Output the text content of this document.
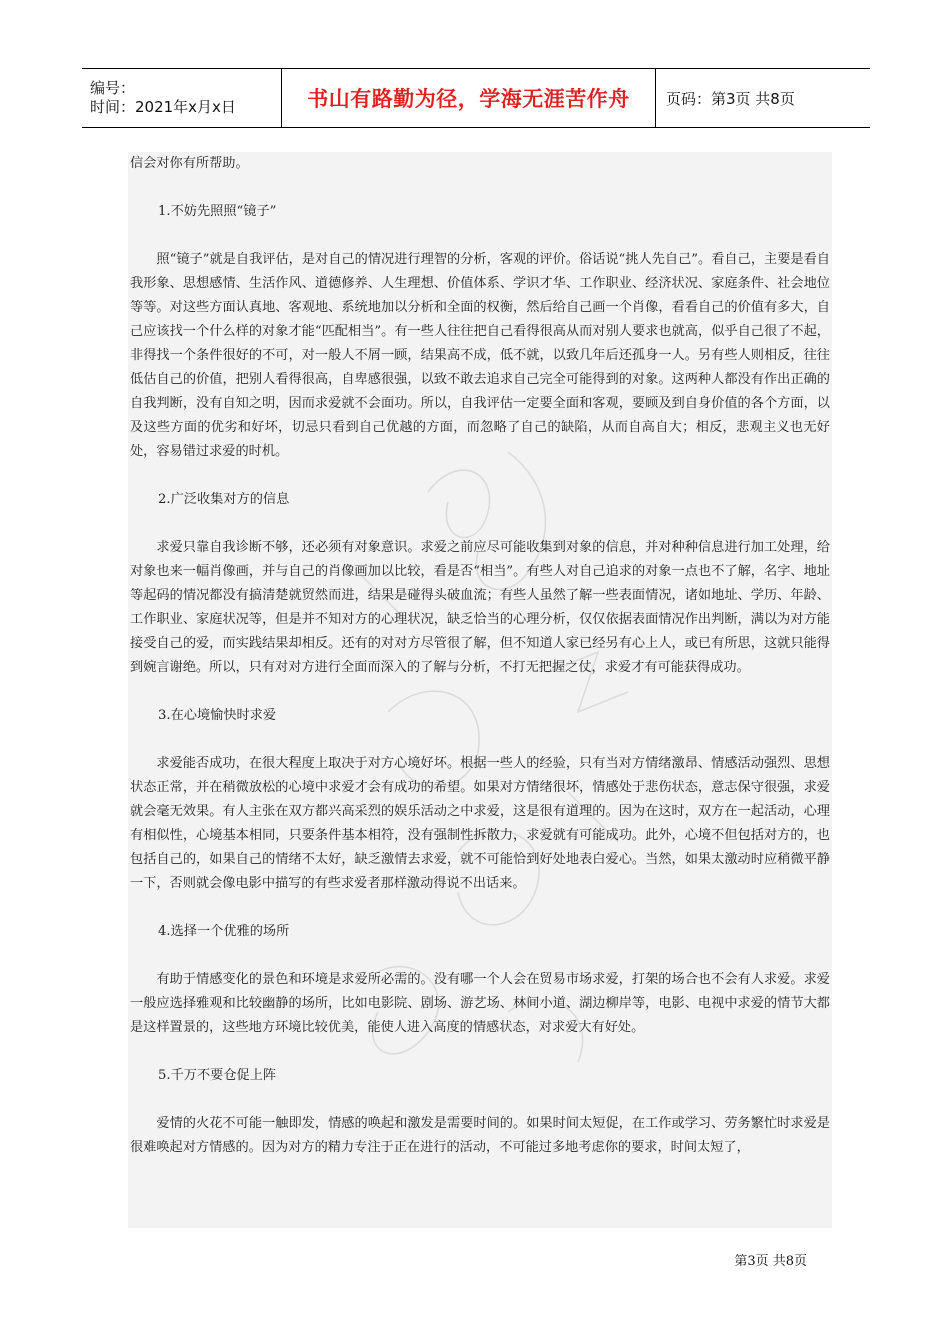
编号：
时间：2021年x月x日	书山有路勤为径，学海无涯苦作舟 页码：第3页 共8页

信会对你有所帮助。

1.不妨先照照“镜子”

照“镜子”就是自我评估，是对自己的情况进行理智的分析，客观的评价。俗话说“挑人先自己”。看自己，主要是看自我形象、思想感情、生活作风、道德修养、人生理想、价值体系、学识才华、工作职业、经济状况、家庭条件、社会地位等等。对这些方面认真地、客观地、系统地加以分析和全面的权衡，然后给自己画一个肖像，看看自己的价值有多大，自己应该找一个什么样的对象才能“匹配相当”。有一些人往往把自己看得很高从而对别人要求也就高，似乎自己很了不起，非得找一个条件很好的不可，对一般人不屑一顾，结果高不成，低不就，以致几年后还孤身一人。另有些人则相反，往往低估自己的价值，把别人看得很高，自卑感很强，以致不敢去追求自己完全可能得到的对象。这两种人都没有作出正确的自我判断，没有自知之明，因而求爱就不会面功。所以，自我评估一定要全面和客观，要顾及到自身价值的各个方面，以及这些方面的优劣和好坏，切忌只看到自己优越的方面，而忽略了自己的缺陷，从而自高自大；相反，悲观主义也无好处，容易错过求爱的时机。

2.广泛收集对方的信息

求爱只靠自我诊断不够，还必须有对象意识。求爱之前应尽可能收集到对象的信息，并对种种信息进行加工处理，给对象也来一幅肖像画，并与自己的肖像画加以比较，看是否“相当”。有些人对自己追求的对象一点也不了解，名字、地址等起码的情况都没有搞清楚就贸然而进，结果是碰得头破血流；有些人虽然了解一些表面情况，诸如地址、学历、年龄、工作职业、家庭状况等，但是并不知对方的心理状况，缺乏恰当的心理分析，仅仅依据表面情况作出判断，满以为对方能接受自己的爱，而实践结果却相反。还有的对对方尽管很了解，但不知道人家已经另有心上人，或已有所思，这就只能得到婉言谢绝。所以，只有对对方进行全面而深入的了解与分析，不打无把握之仗，求爱才有可能获得成功。

3.在心境愉快时求爱

求爱能否成功，在很大程度上取决于对方心境好坏。根据一些人的经验，只有当对方情绪激昂、情感活动强烈、思想状态正常，并在稍微放松的心境中求爱才会有成功的希望。如果对方情绪很坏，情感处于悲伤状态，意志保守很强，求爱就会毫无效果。有人主张在双方都兴高采烈的娱乐活动之中求爱，这是很有道理的。因为在这时，双方在一起活动，心理有相似性，心境基本相同，只要条件基本相符，没有强制性拆散力，求爱就有可能成功。此外，心境不但包括对方的，也包括自己的，如果自己的情绪不太好，缺乏激情去求爱，就不可能恰到好处地表白爱心。当然，如果太激动时应稍微平静一下，否则就会像电影中描写的有些求爱者那样激动得说不出话来。

4.选择一个优雅的场所

有助于情感变化的景色和环境是求爱所必需的。没有哪一个人会在贸易市场求爱，打架的场合也不会有人求爱。求爱一般应选择雅观和比较幽静的场所，比如电影院、剧场、游艺场、林间小道、湖边柳岸等，电影、电视中求爱的情节大都是这样置景的，这些地方环境比较优美，能使人进入高度的情感状态，对求爱大有好处。

5.千万不要仓促上阵

爱情的火花不可能一触即发，情感的唤起和激发是需要时间的。如果时间太短促，在工作或学习、劳务繁忙时求爱是很难唤起对方情感的。因为对方的精力专注于正在进行的活动，不可能过多地考虑你的要求，时间太短了，

第3页 共8页
